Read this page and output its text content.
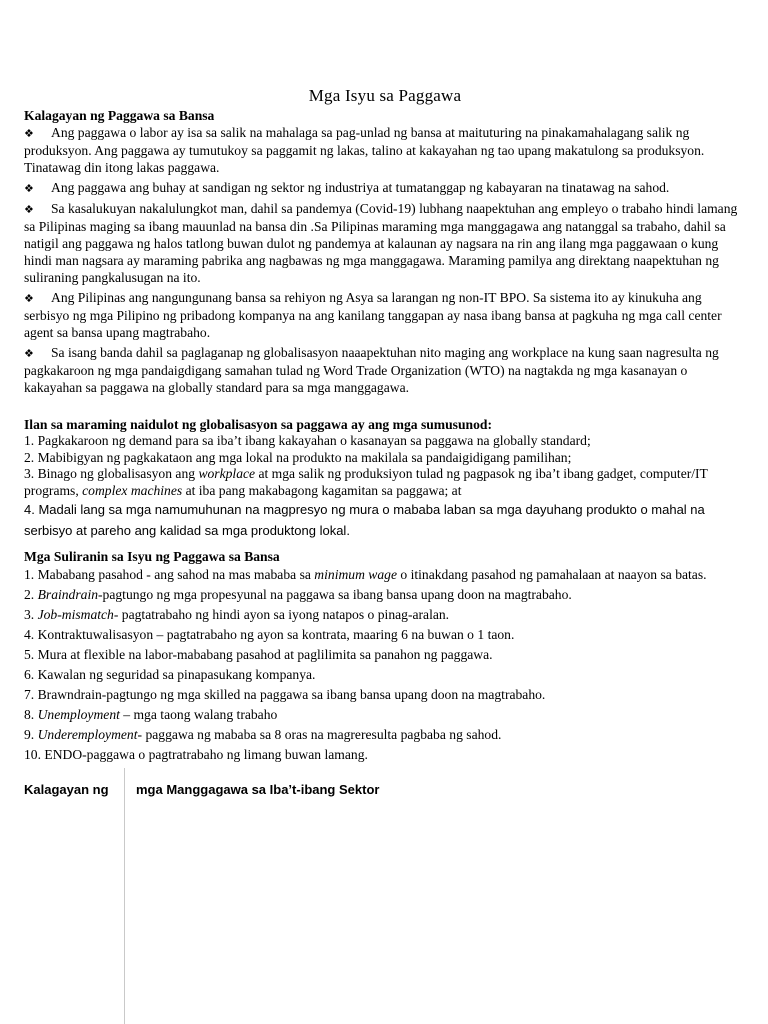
Mga Isyu sa Paggawa
Kalagayan ng Paggawa sa Bansa
❖ Ang paggawa o labor ay isa sa salik na mahalaga sa pag-unlad ng bansa at maituturing na pinakamahalagang salik ng produksyon. Ang paggawa ay tumutukoy sa paggamit ng lakas, talino at kakayahan ng tao upang makatulong sa produksyon. Tinatawag din itong lakas paggawa.
❖ Ang paggawa ang buhay at sandigan ng sektor ng industriya at tumatanggap ng kabayaran na tinatawag na sahod.
❖ Sa kasalukuyan nakalulungkot man, dahil sa pandemya (Covid-19) lubhang naapektuhan ang empleyo o trabaho hindi lamang sa Pilipinas maging sa ibang mauunlad na bansa din .Sa Pilipinas maraming mga manggagawa ang natanggal sa trabaho, dahil sa natigil ang paggawa ng halos tatlong buwan dulot ng pandemya at kalaunan ay nagsara na rin ang ilang mga paggawaan o kung hindi man nagsara ay maraming pabrika ang nagbawas ng mga manggagawa. Maraming pamilya ang direktang naapektuhan ng suliraning pangkalusugan na ito.
❖ Ang Pilipinas ang nangungunang bansa sa rehiyon ng Asya sa larangan ng non-IT BPO. Sa sistema ito ay kinukuha ang serbisyo ng mga Pilipino ng pribadong kompanya na ang kanilang tanggapan ay nasa ibang bansa at pagkuha ng mga call center agent sa bansa upang magtrabaho.
❖ Sa isang banda dahil sa paglaganap ng globalisasyon naaapektuhan nito maging ang workplace na kung saan nagresulta ng pagkakaroon ng mga pandaigdigang samahan tulad ng Word Trade Organization (WTO) na nagtakda ng mga kasanayan o kakayahan sa paggawa na globally standard para sa mga manggagawa.
Ilan sa maraming naidulot ng globalisasyon sa paggawa ay ang mga sumusunod:
1. Pagkakaroon ng demand para sa iba’t ibang kakayahan o kasanayan sa paggawa na globally standard;
2. Mabibigyan ng pagkakataon ang mga lokal na produkto na makilala sa pandaigidigang pamilihan;
3. Binago ng globalisasyon ang workplace at mga salik ng produksiyon tulad ng pagpasok ng iba’t ibang gadget, computer/IT programs, complex machines at iba pang makabagong kagamitan sa paggawa; at
4. Madali lang sa mga namumuhunan na magpresyo ng mura o mababa laban sa mga dayuhang produkto o mahal na serbisyo at pareho ang kalidad sa mga produktong lokal.
Mga Suliranin sa Isyu ng Paggawa sa Bansa
1. Mababang pasahod - ang sahod na mas mababa sa minimum wage o itinakdang pasahod ng pamahalaan at naayon sa batas.
2. Braindrain-pagtungo ng mga propesyunal na paggawa sa ibang bansa upang doon na magtrabaho.
3. Job-mismatch- pagtatrabaho ng hindi ayon sa iyong natapos o pinag-aralan.
4. Kontraktuwalisasyon – pagtatrabaho ng ayon sa kontrata, maaring 6 na buwan o 1 taon.
5. Mura at flexible na labor-mababang pasahod at paglilimita sa panahon ng paggawa.
6. Kawalan ng seguridad sa pinapasukang kompanya.
7. Brawndrain-pagtungo ng mga skilled na paggawa sa ibang bansa upang doon na magtrabaho.
8. Unemployment – mga taong walang trabaho
9. Underemployment- paggawa ng mababa sa 8 oras na magreresulta pagbaba ng sahod.
10. ENDO-paggawa o pagtratrabaho ng limang buwan lamang.
Kalagayan ng mga Manggagawa sa Iba’t-ibang Sektor
